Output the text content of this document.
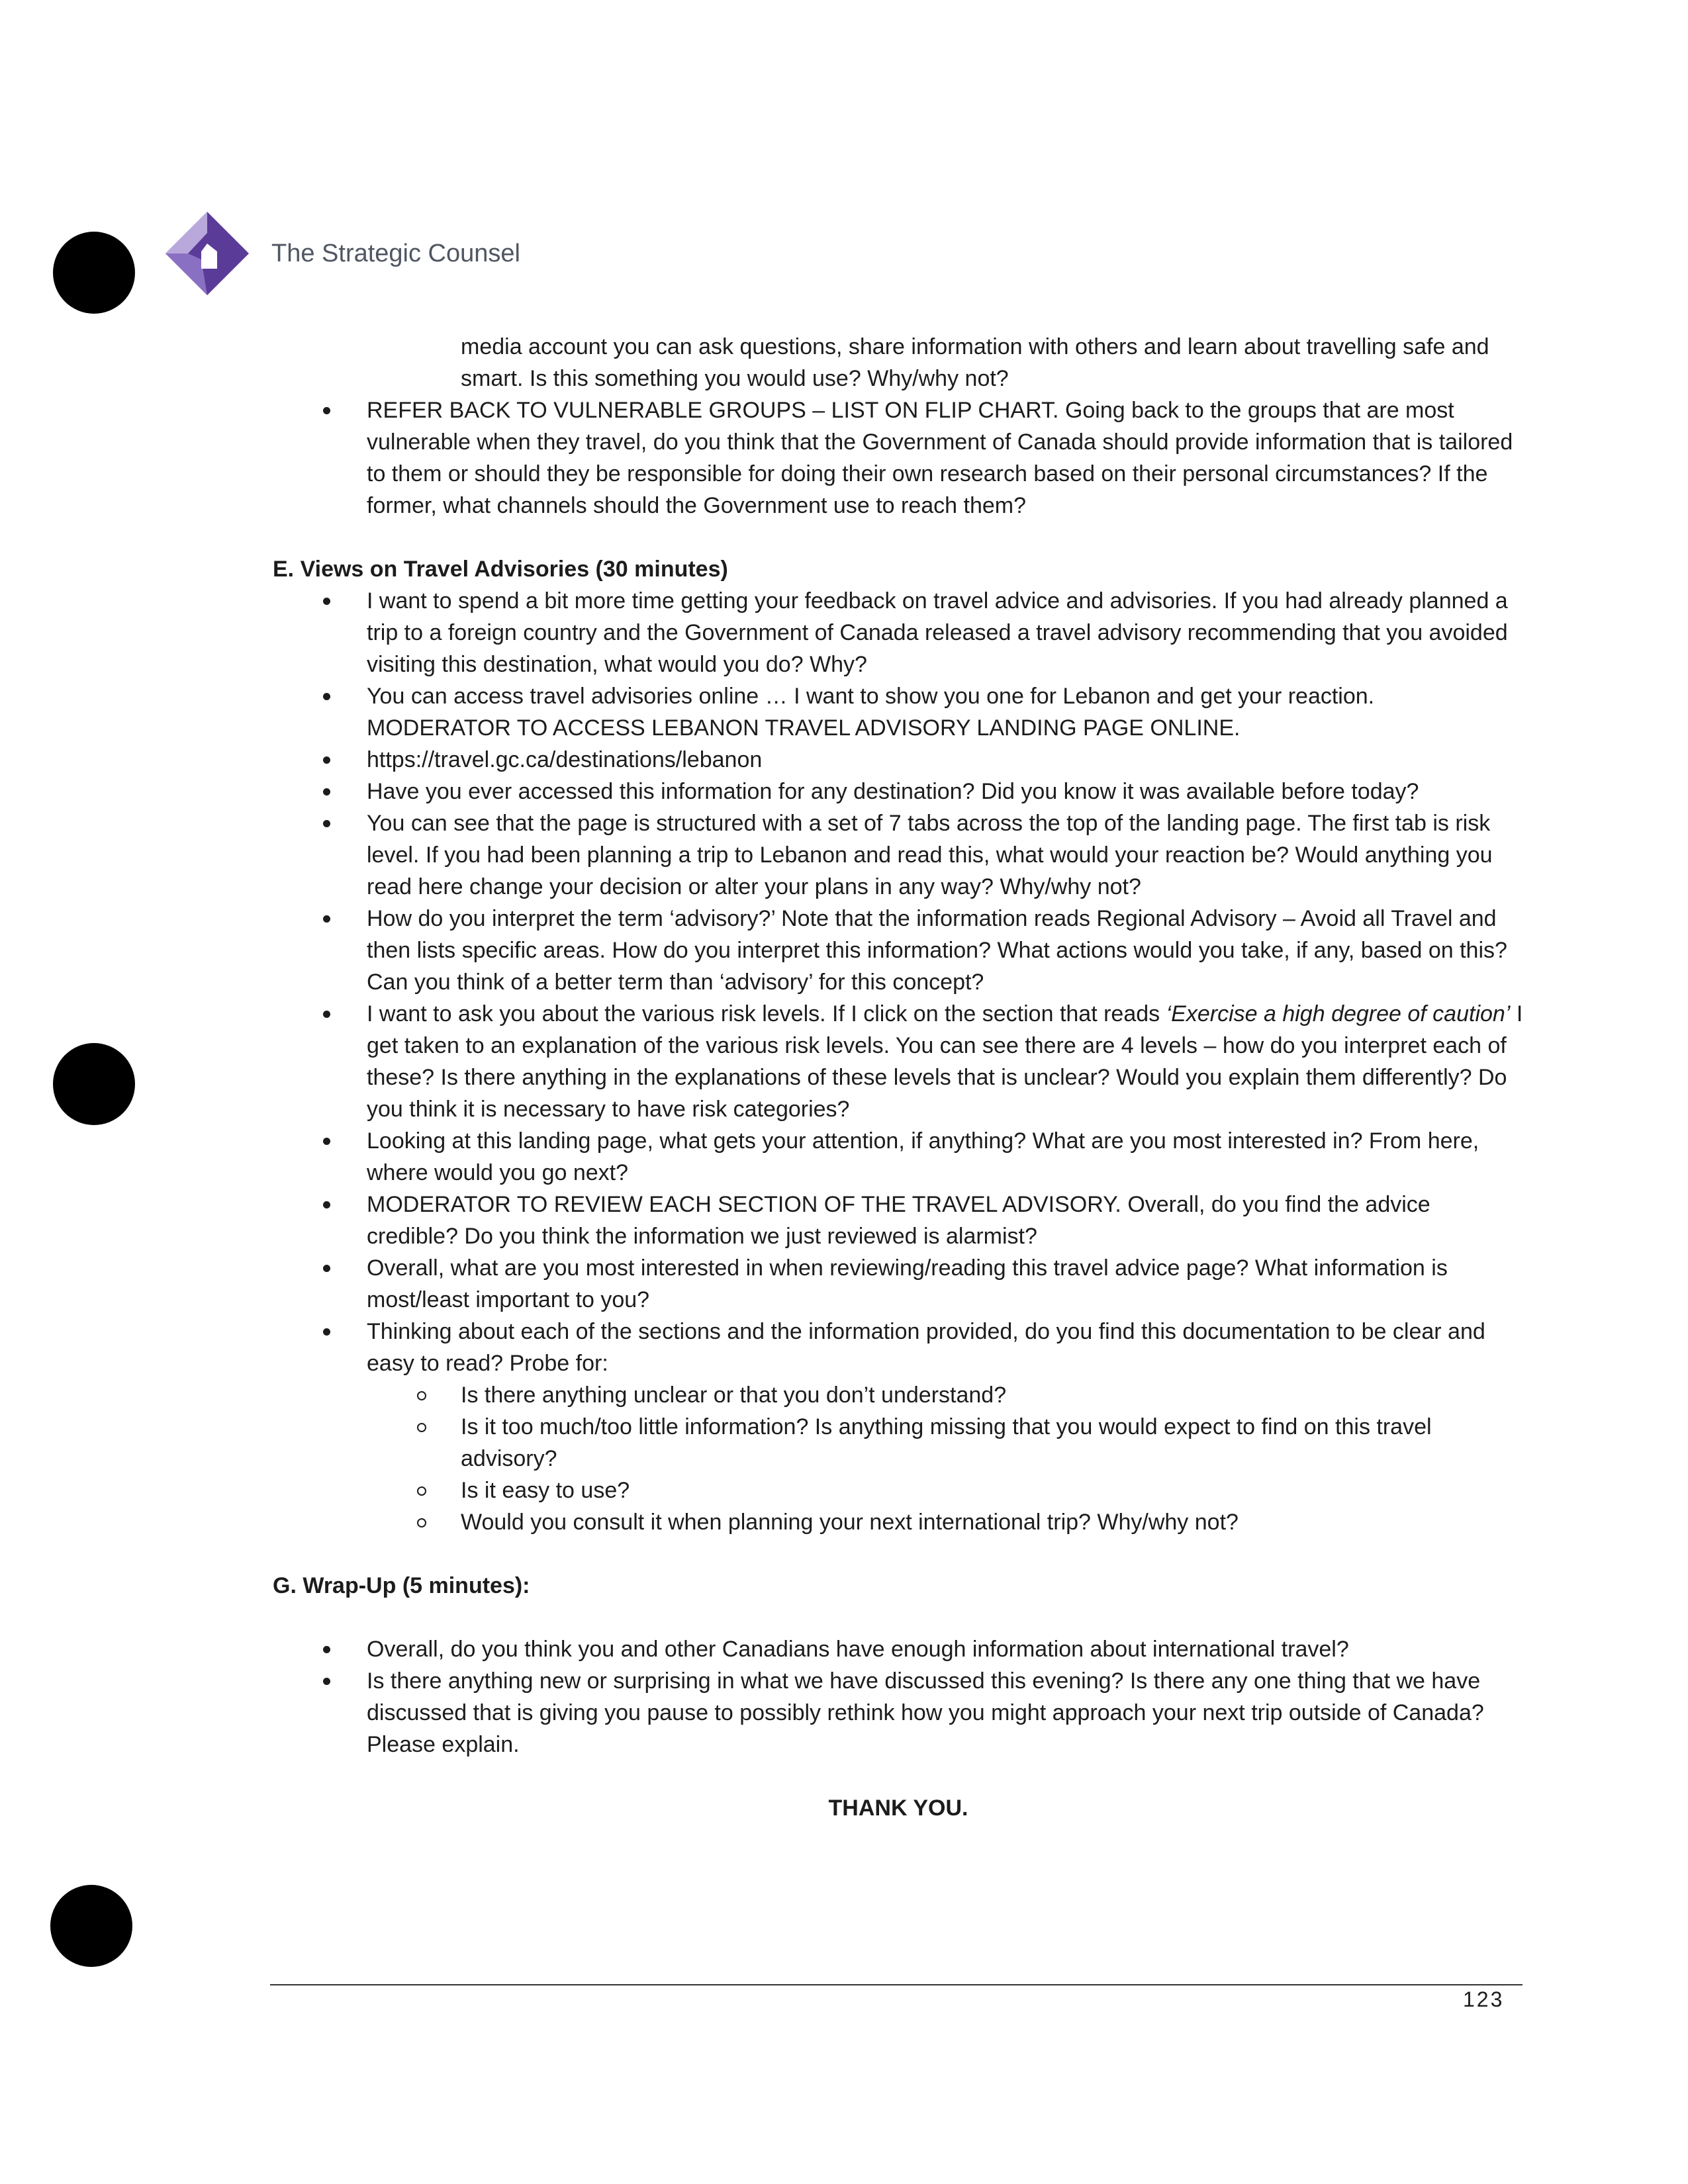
The Strategic Counsel
media account you can ask questions, share information with others and learn about travelling safe and smart. Is this something you would use? Why/why not?
REFER BACK TO VULNERABLE GROUPS – LIST ON FLIP CHART. Going back to the groups that are most vulnerable when they travel, do you think that the Government of Canada should provide information that is tailored to them or should they be responsible for doing their own research based on their personal circumstances? If the former, what channels should the Government use to reach them?
E. Views on Travel Advisories (30 minutes)
I want to spend a bit more time getting your feedback on travel advice and advisories. If you had already planned a trip to a foreign country and the Government of Canada released a travel advisory recommending that you avoided visiting this destination, what would you do? Why?
You can access travel advisories online … I want to show you one for Lebanon and get your reaction. MODERATOR TO ACCESS LEBANON TRAVEL ADVISORY LANDING PAGE ONLINE.
https://travel.gc.ca/destinations/lebanon
Have you ever accessed this information for any destination? Did you know it was available before today?
You can see that the page is structured with a set of 7 tabs across the top of the landing page. The first tab is risk level. If you had been planning a trip to Lebanon and read this, what would your reaction be? Would anything you read here change your decision or alter your plans in any way? Why/why not?
How do you interpret the term ‘advisory?’ Note that the information reads Regional Advisory – Avoid all Travel and then lists specific areas. How do you interpret this information? What actions would you take, if any, based on this? Can you think of a better term than ‘advisory’ for this concept?
I want to ask you about the various risk levels. If I click on the section that reads ‘Exercise a high degree of caution’ I get taken to an explanation of the various risk levels. You can see there are 4 levels – how do you interpret each of these? Is there anything in the explanations of these levels that is unclear? Would you explain them differently? Do you think it is necessary to have risk categories?
Looking at this landing page, what gets your attention, if anything? What are you most interested in? From here, where would you go next?
MODERATOR TO REVIEW EACH SECTION OF THE TRAVEL ADVISORY. Overall, do you find the advice credible? Do you think the information we just reviewed is alarmist?
Overall, what are you most interested in when reviewing/reading this travel advice page? What information is most/least important to you?
Thinking about each of the sections and the information provided, do you find this documentation to be clear and easy to read? Probe for:
Is there anything unclear or that you don’t understand?
Is it too much/too little information? Is anything missing that you would expect to find on this travel advisory?
Is it easy to use?
Would you consult it when planning your next international trip? Why/why not?
G. Wrap-Up (5 minutes):
Overall, do you think you and other Canadians have enough information about international travel?
Is there anything new or surprising in what we have discussed this evening? Is there any one thing that we have discussed that is giving you pause to possibly rethink how you might approach your next trip outside of Canada? Please explain.
THANK YOU.
123
